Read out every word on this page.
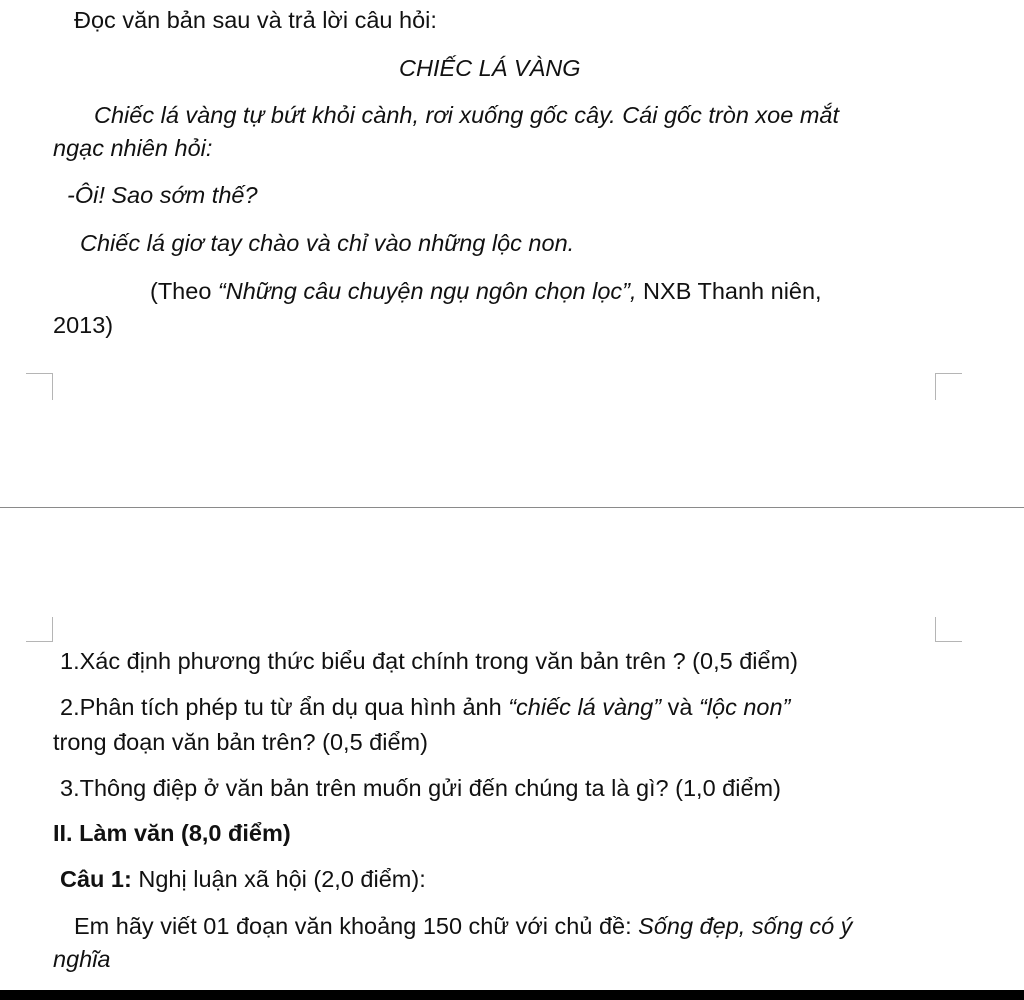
Đọc văn bản sau và trả lời câu hỏi:
CHIẾC LÁ VÀNG
Chiếc lá vàng tự bứt khỏi cành, rơi xuống gốc cây. Cái gốc tròn xoe mắt
ngạc nhiên hỏi:
-Ôi! Sao sớm thế?
Chiếc lá giơ tay chào và chỉ vào những lộc non.
(Theo “Những câu chuyện ngụ ngôn chọn lọc”, NXB Thanh niên,
2013)
1.Xác định phương thức biểu đạt chính trong văn bản trên ? (0,5 điểm)
2.Phân tích phép tu từ ẩn dụ qua hình ảnh “chiếc lá vàng” và “lộc non”
trong đoạn văn bản trên? (0,5 điểm)
3.Thông điệp ở văn bản trên muốn gửi đến chúng ta là gì? (1,0 điểm)
II. Làm văn (8,0 điểm)
Câu 1: Nghị luận xã hội (2,0 điểm):
Em hãy viết 01 đoạn văn khoảng 150 chữ với chủ đề: Sống đẹp, sống có ý
nghĩa
